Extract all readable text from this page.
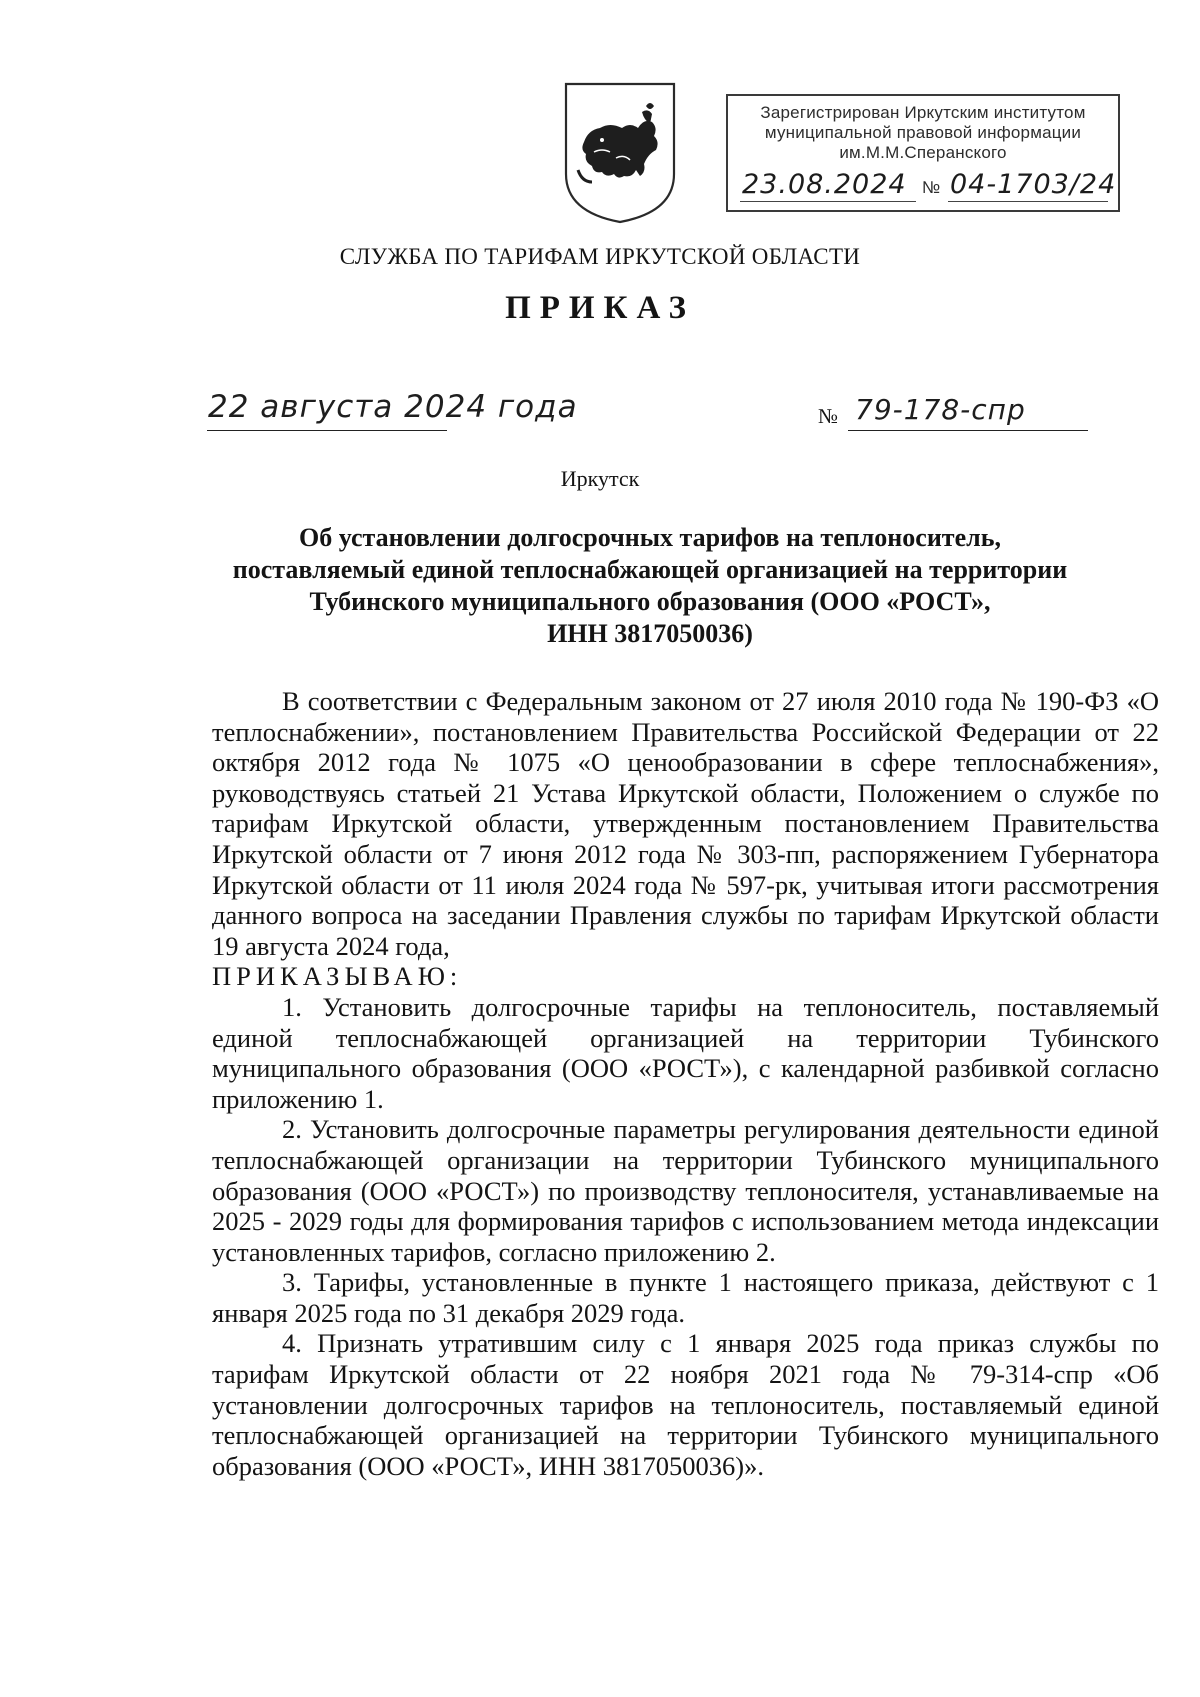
Зарегистрирован Иркутским институтом
муниципальной правовой информации
им.М.М.Сперанского
23.08.2024 № 04-1703/24
СЛУЖБА ПО ТАРИФАМ ИРКУТСКОЙ ОБЛАСТИ
ПРИКАЗ
22 августа 2024 года	№ 79-178-спр
Иркутск
Об установлении долгосрочных тарифов на теплоноситель,
поставляемый единой теплоснабжающей организацией на территории
Тубинского муниципального образования (ООО «РОСТ»,
ИНН 3817050036)

В соответствии с Федеральным законом от 27 июля 2010 года № 190-ФЗ «О теплоснабжении», постановлением Правительства Российской Федерации от 22 октября 2012 года № 1075 «О ценообразовании в сфере теплоснабжения», руководствуясь статьей 21 Устава Иркутской области, Положением о службе по тарифам Иркутской области, утвержденным постановлением Правительства Иркутской области от 7 июня 2012 года № 303-пп, распоряжением Губернатора Иркутской области от 11 июля 2024 года № 597-рк, учитывая итоги рассмотрения данного вопроса на заседании Правления службы по тарифам Иркутской области 19 августа 2024 года,

ПРИКАЗЫВАЮ:

1. Установить долгосрочные тарифы на теплоноситель, поставляемый единой теплоснабжающей организацией на территории Тубинского муниципального образования (ООО «РОСТ»), с календарной разбивкой согласно приложению 1.

2. Установить долгосрочные параметры регулирования деятельности единой теплоснабжающей организации на территории Тубинского муниципального образования (ООО «РОСТ») по производству теплоносителя, устанавливаемые на 2025 - 2029 годы для формирования тарифов с использованием метода индексации установленных тарифов, согласно приложению 2.

3. Тарифы, установленные в пункте 1 настоящего приказа, действуют с 1 января 2025 года по 31 декабря 2029 года.

4. Признать утратившим силу с 1 января 2025 года приказ службы по тарифам Иркутской области от 22 ноября 2021 года № 79-314-спр «Об установлении долгосрочных тарифов на теплоноситель, поставляемый единой теплоснабжающей организацией на территории Тубинского муниципального образования (ООО «РОСТ», ИНН 3817050036)».
